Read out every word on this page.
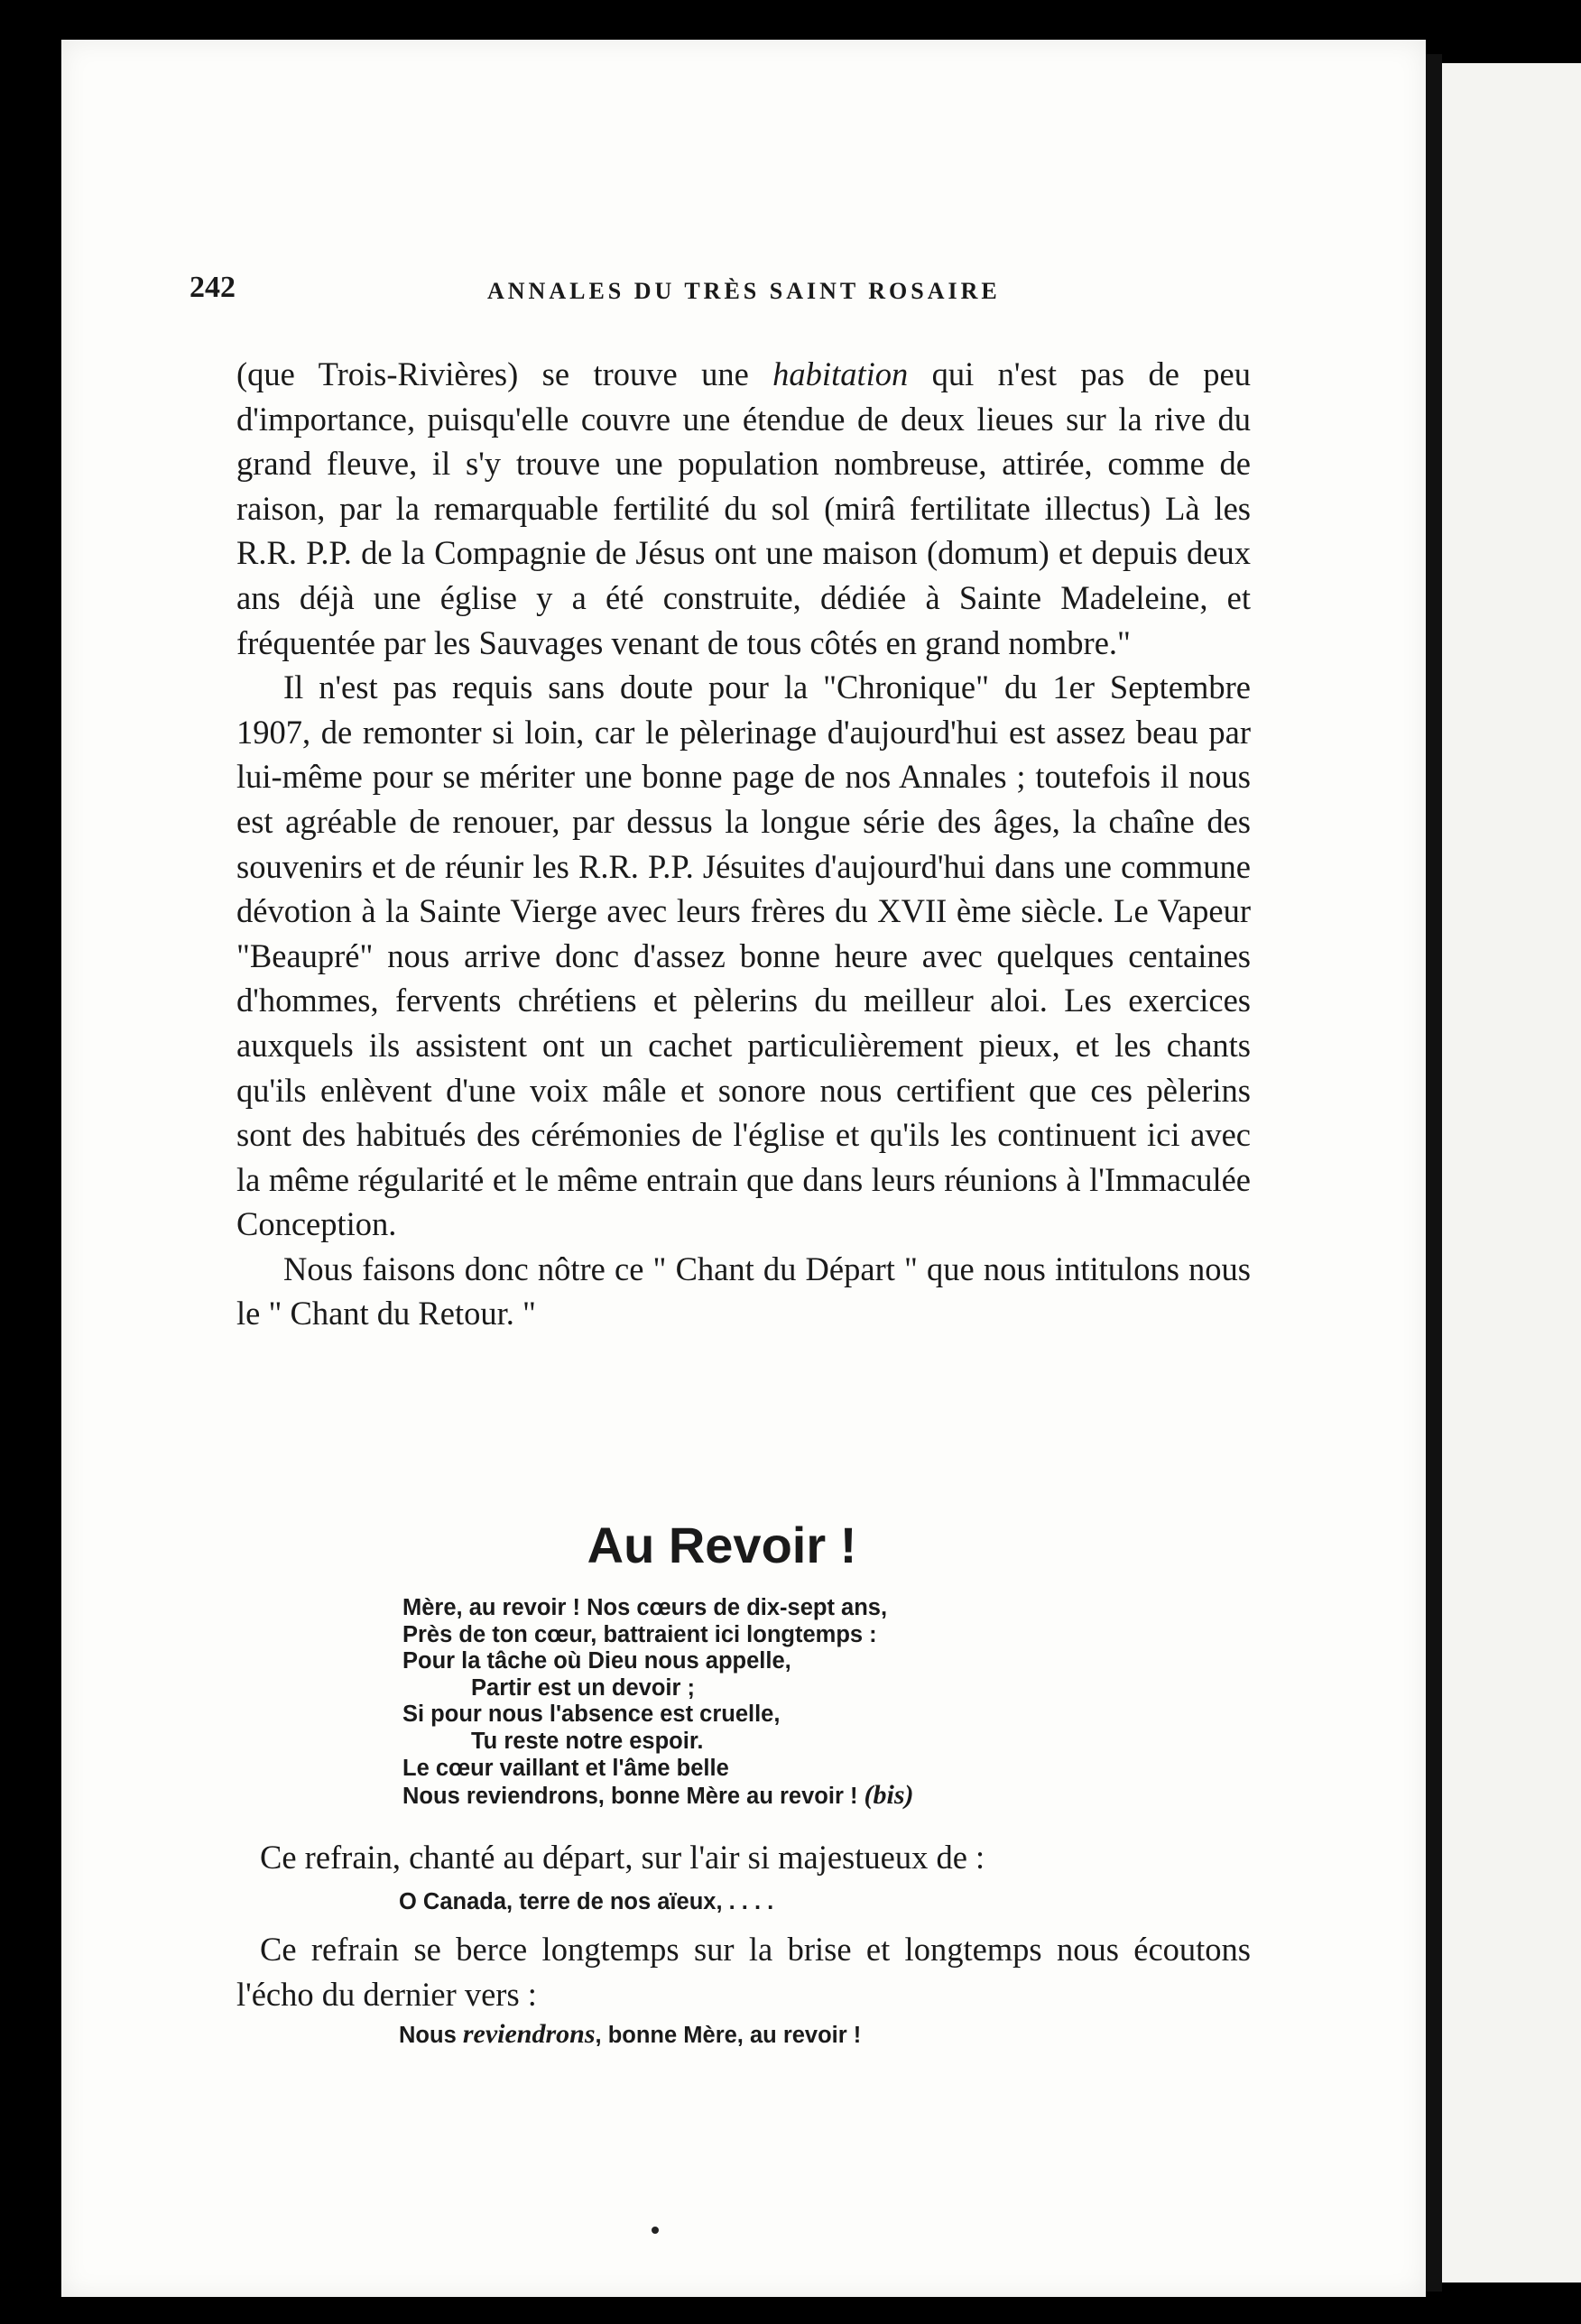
242	ANNALES DU TRÈS SAINT ROSAIRE

(que Trois-Rivières) se trouve une habitation qui n'est pas de peu d'importance, puisqu'elle couvre une étendue de deux lieues sur la rive du grand fleuve, il s'y trouve une population nombreuse, attirée, comme de raison, par la remarquable fertilité du sol (mirâ fertilitate illectus) Là les R.R. P.P. de la Compagnie de Jésus ont une maison (domum) et depuis deux ans déjà une église y a été construite, dédiée à Sainte Madeleine, et fréquentée par les Sauvages venant de tous côtés en grand nombre."

Il n'est pas requis sans doute pour la "Chronique" du 1er Septembre 1907, de remonter si loin, car le pèlerinage d'aujourd'hui est assez beau par lui-même pour se mériter une bonne page de nos Annales ; toutefois il nous est agréable de renouer, par dessus la longue série des âges, la chaîne des souvenirs et de réunir les R.R. P.P. Jésuites d'aujourd'hui dans une commune dévotion à la Sainte Vierge avec leurs frères du XVII ème siècle. Le Vapeur "Beaupré" nous arrive donc d'assez bonne heure avec quelques centaines d'hommes, fervents chrétiens et pèlerins du meilleur aloi. Les exercices auxquels ils assistent ont un cachet particulièrement pieux, et les chants qu'ils enlèvent d'une voix mâle et sonore nous certifient que ces pèlerins sont des habitués des cérémonies de l'église et qu'ils les continuent ici avec la même régularité et le même entrain que dans leurs réunions à l'Immaculée Conception.

Nous faisons donc nôtre ce " Chant du Départ " que nous intitulons nous le " Chant du Retour. "

Au Revoir !
Mère, au revoir ! Nos cœurs de dix-sept ans,
Près de ton cœur, battraient ici longtemps :
Pour la tâche où Dieu nous appelle,
Partir est un devoir ;
Si pour nous l'absence est cruelle,
Tu reste notre espoir.
Le cœur vaillant et l'âme belle
Nous reviendrons, bonne Mère au revoir ! (bis)

Ce refrain, chanté au départ, sur l'air si majestueux de :

O Canada, terre de nos aïeux, . . . .

Ce refrain se berce longtemps sur la brise et longtemps nous écoutons l'écho du dernier vers :

Nous reviendrons, bonne Mère, au revoir !
